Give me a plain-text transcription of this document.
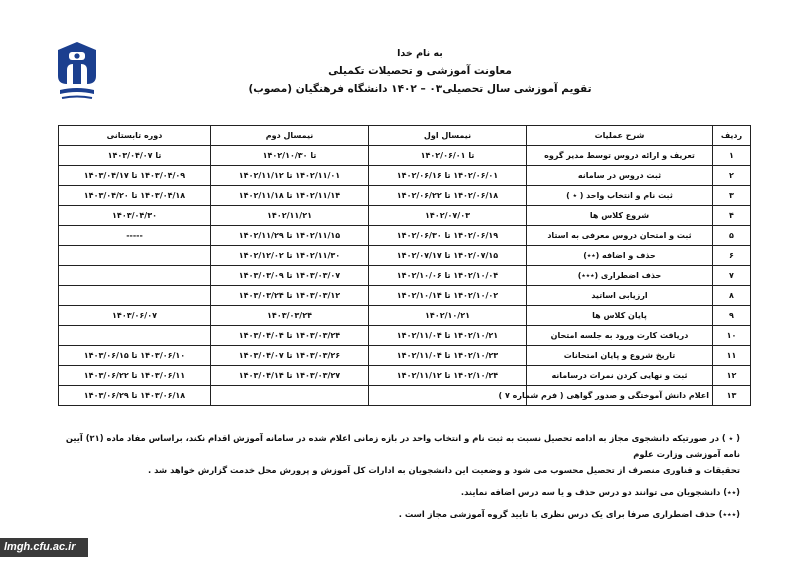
به نام خدا
معاونت آموزشی و تحصیلات تکمیلی
تقویم آموزشی سال تحصیلی۰۳ – ۱۴۰۲ دانشگاه فرهنگیان (مصوب)
ردیف	شرح عملیات	نیمسال اول	نیمسال دوم	دوره تابستانی
۱	تعریف و ارائه دروس توسط مدیر گروه	تا ۱۴۰۲/۰۶/۰۱	تا ۱۴۰۲/۱۰/۳۰	تا ۱۴۰۳/۰۴/۰۷
۲	ثبت دروس در سامانه	۱۴۰۲/۰۶/۰۱ تا ۱۴۰۲/۰۶/۱۶	۱۴۰۲/۱۱/۰۱ تا ۱۴۰۲/۱۱/۱۲	۱۴۰۳/۰۴/۰۹ تا ۱۴۰۳/۰۴/۱۷
۳	ثبت نام و انتخاب واحد ( ٭ )	۱۴۰۲/۰۶/۱۸ تا ۱۴۰۲/۰۶/۲۲	۱۴۰۲/۱۱/۱۴ تا ۱۴۰۲/۱۱/۱۸	۱۴۰۳/۰۴/۱۸ تا ۱۴۰۳/۰۴/۲۰
۴	شروع کلاس ها	۱۴۰۲/۰۷/۰۳	۱۴۰۲/۱۱/۲۱	۱۴۰۳/۰۴/۳۰
۵	ثبت و امتحان دروس معرفی به استاد	۱۴۰۲/۰۶/۱۹ تا ۱۴۰۲/۰۶/۳۰	۱۴۰۲/۱۱/۱۵ تا ۱۴۰۲/۱۱/۲۹	-----
۶	حذف و اضافه (٭٭)	۱۴۰۲/۰۷/۱۵ تا ۱۴۰۲/۰۷/۱۷	۱۴۰۲/۱۱/۳۰ تا ۱۴۰۲/۱۲/۰۲	
۷	حذف اضطراری (٭٭٭)	۱۴۰۲/۱۰/۰۴ تا ۱۴۰۲/۱۰/۰۶	۱۴۰۳/۰۳/۰۷ تا ۱۴۰۳/۰۳/۰۹	
۸	ارزیابی اساتید	۱۴۰۲/۱۰/۰۲ تا ۱۴۰۲/۱۰/۱۴	۱۴۰۳/۰۳/۱۲ تا ۱۴۰۳/۰۳/۲۴	
۹	پایان کلاس ها	۱۴۰۲/۱۰/۲۱	۱۴۰۳/۰۳/۲۴	۱۴۰۳/۰۶/۰۷
۱۰	دریافت کارت ورود به جلسه امتحان	۱۴۰۲/۱۰/۲۱ تا ۱۴۰۲/۱۱/۰۴	۱۴۰۳/۰۳/۲۴ تا ۱۴۰۳/۰۴/۰۴	
۱۱	تاریخ شروع و پایان امتحانات	۱۴۰۲/۱۰/۲۳ تا ۱۴۰۲/۱۱/۰۴	۱۴۰۳/۰۳/۲۶ تا ۱۴۰۳/۰۴/۰۷	۱۴۰۳/۰۶/۱۰ تا ۱۴۰۳/۰۶/۱۵
۱۲	ثبت و نهایی کردن نمرات درسامانه	۱۴۰۲/۱۰/۲۴ تا ۱۴۰۲/۱۱/۱۲	۱۴۰۳/۰۳/۲۷ تا ۱۴۰۳/۰۴/۱۴	۱۴۰۳/۰۶/۱۱ تا ۱۴۰۳/۰۶/۲۲
۱۳	اعلام دانش آموختگی و صدور گواهی ( فرم شماره ۷ )			۱۴۰۳/۰۶/۱۸ تا ۱۴۰۳/۰۶/۲۹

( ٭ ) در صورتیکه دانشجوی مجاز به ادامه تحصیل نسبت به ثبت نام و انتخاب واحد در بازه زمانی اعلام شده در سامانه آموزش اقدام نکند، براساس مفاد ماده (۲۱) آیین نامه آموزشی وزارت علوم

تحقیقات و فناوری منصرف از تحصیل محسوب می شود و وضعیت این دانشجویان به ادارات کل آموزش و پرورش محل خدمت گزارش خواهد شد .

(٭٭) دانشجویان می توانند دو درس حذف و یا سه درس اضافه نمایند.

(٭٭٭) حذف اضطراری صرفا برای یک درس نظری با تایید گروه آموزشی مجاز است .

lmgh.cfu.ac.ir
